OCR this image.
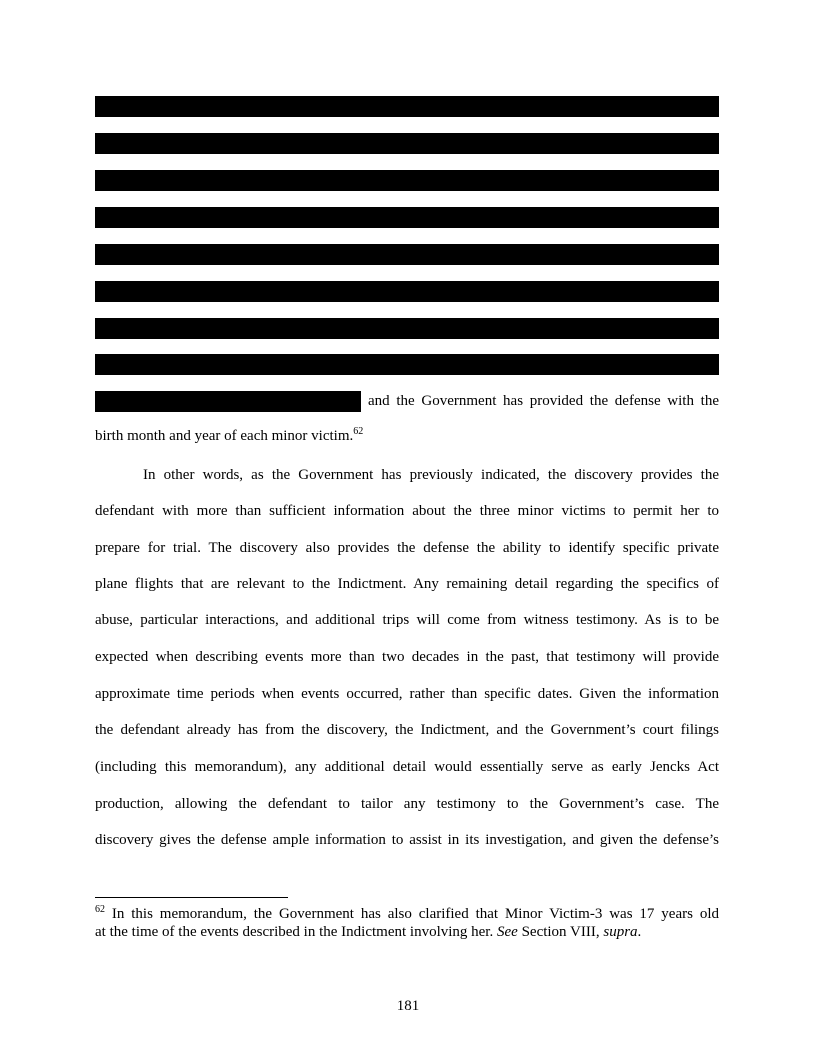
and the Government has provided the defense with the
birth month and year of each minor victim.$^{62}$
In other words, as the Government has previously indicated, the discovery provides the
defendant with more than sufficient information about the three minor victims to permit her to
prepare for trial. The discovery also provides the defense the ability to identify specific private
plane flights that are relevant to the Indictment. Any remaining detail regarding the specifics of
abuse, particular interactions, and additional trips will come from witness testimony. As is to be
expected when describing events more than two decades in the past, that testimony will provide
approximate time periods when events occurred, rather than specific dates. Given the information
the defendant already has from the discovery, the Indictment, and the Government’s court filings
(including this memorandum), any additional detail would essentially serve as early Jencks Act
production, allowing the defendant to tailor any testimony to the Government’s case. The
discovery gives the defense ample information to assist in its investigation, and given the defense’s
$^{62}$ In this memorandum, the Government has also clarified that Minor Victim-3 was 17 years old
at the time of the events described in the Indictment involving her. See Section VIII, supra.
181
